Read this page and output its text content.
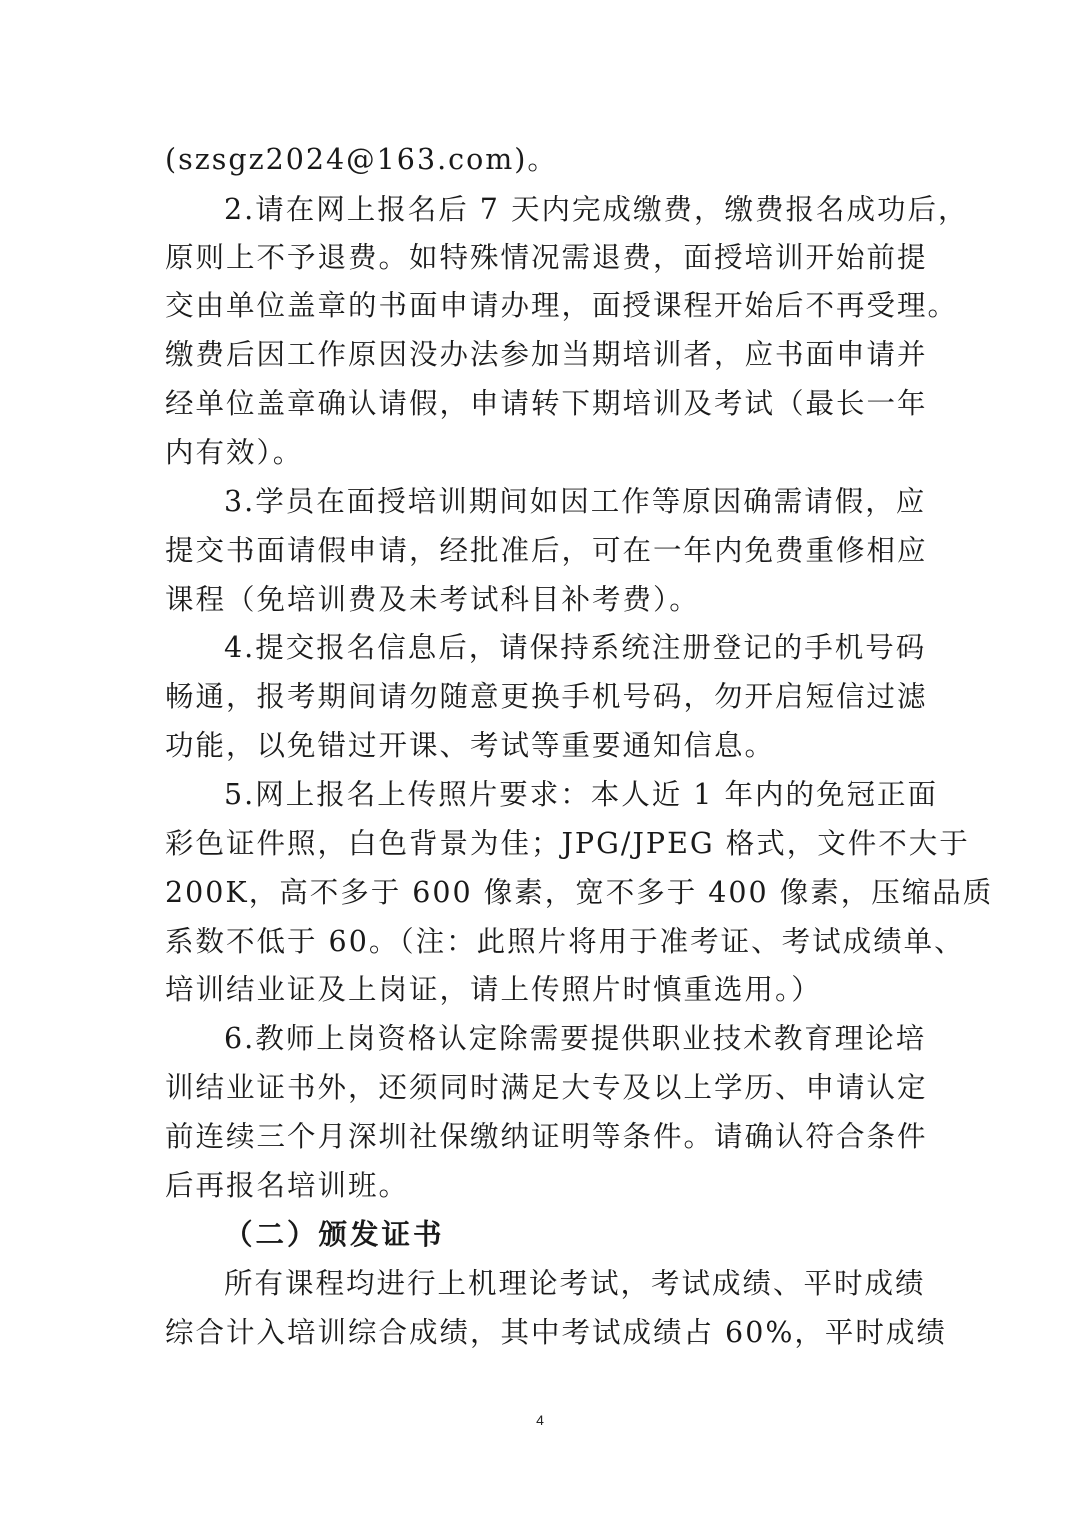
(szsgz2024@163.com)。
2.请在网上报名后 7 天内完成缴费，缴费报名成功后，
原则上不予退费。如特殊情况需退费，面授培训开始前提
交由单位盖章的书面申请办理，面授课程开始后不再受理。
缴费后因工作原因没办法参加当期培训者，应书面申请并
经单位盖章确认请假，申请转下期培训及考试（最长一年
内有效）。
3.学员在面授培训期间如因工作等原因确需请假，应
提交书面请假申请，经批准后，可在一年内免费重修相应
课程（免培训费及未考试科目补考费）。
4.提交报名信息后，请保持系统注册登记的手机号码
畅通，报考期间请勿随意更换手机号码，勿开启短信过滤
功能，以免错过开课、考试等重要通知信息。
5.网上报名上传照片要求：本人近 1 年内的免冠正面
彩色证件照，白色背景为佳；JPG/JPEG 格式，文件不大于
200K，高不多于 600 像素，宽不多于 400 像素，压缩品质
系数不低于 60。（注：此照片将用于准考证、考试成绩单、
培训结业证及上岗证，请上传照片时慎重选用。）
6.教师上岗资格认定除需要提供职业技术教育理论培
训结业证书外，还须同时满足大专及以上学历、申请认定
前连续三个月深圳社保缴纳证明等条件。请确认符合条件
后再报名培训班。
（二）颁发证书
所有课程均进行上机理论考试，考试成绩、平时成绩
综合计入培训综合成绩，其中考试成绩占 60%，平时成绩
4
